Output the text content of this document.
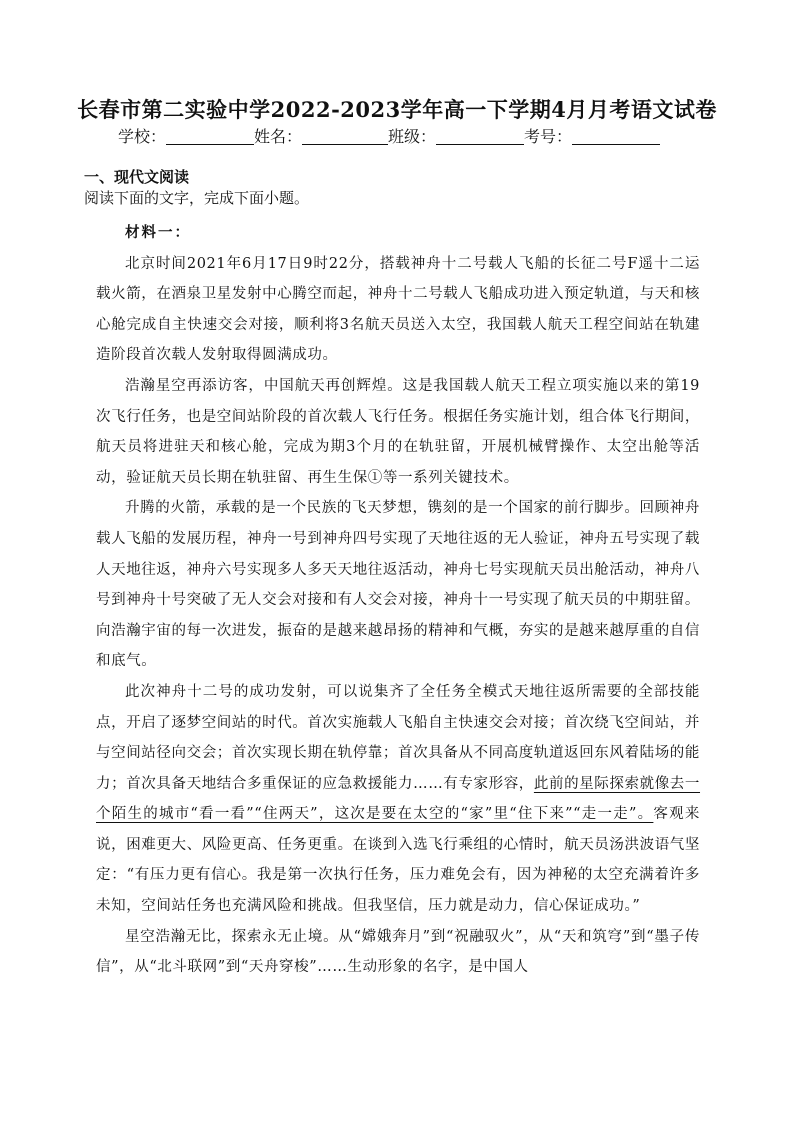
长春市第二实验中学2022-2023学年高一下学期4月月考语文试卷
学校：	姓名：	班级：	考号：
一、现代文阅读
阅读下面的文字，完成下面小题。

材料一：

北京时间2021年6月17日9时22分，搭载神舟十二号载人飞船的长征二号F遥十二运载火箭，在酒泉卫星发射中心腾空而起，神舟十二号载人飞船成功进入预定轨道，与天和核心舱完成自主快速交会对接，顺利将3名航天员送入太空，我国载人航天工程空间站在轨建造阶段首次载人发射取得圆满成功。

浩瀚星空再添访客，中国航天再创辉煌。这是我国载人航天工程立项实施以来的第19次飞行任务，也是空间站阶段的首次载人飞行任务。根据任务实施计划，组合体飞行期间，航天员将进驻天和核心舱，完成为期3个月的在轨驻留，开展机械臂操作、太空出舱等活动，验证航天员长期在轨驻留、再生生保①等一系列关键技术。

升腾的火箭，承载的是一个民族的飞天梦想，镌刻的是一个国家的前行脚步。回顾神舟载人飞船的发展历程，神舟一号到神舟四号实现了天地往返的无人验证，神舟五号实现了载人天地往返，神舟六号实现多人多天天地往返活动，神舟七号实现航天员出舱活动，神舟八号到神舟十号突破了无人交会对接和有人交会对接，神舟十一号实现了航天员的中期驻留。向浩瀚宇宙的每一次进发，振奋的是越来越昂扬的精神和气概，夯实的是越来越厚重的自信和底气。

此次神舟十二号的成功发射，可以说集齐了全任务全模式天地往返所需要的全部技能点，开启了逐梦空间站的时代。首次实施载人飞船自主快速交会对接；首次绕飞空间站，并与空间站径向交会；首次实现长期在轨停靠；首次具备从不同高度轨道返回东风着陆场的能力；首次具备天地结合多重保证的应急救援能力……有专家形容，此前的星际探索就像去一个陌生的城市“看一看”“住两天”，这次是要在太空的“家”里“住下来”“走一走”。客观来说，困难更大、风险更高、任务更重。在谈到入选飞行乘组的心情时，航天员汤洪波语气坚定：“有压力更有信心。我是第一次执行任务，压力难免会有，因为神秘的太空充满着许多未知，空间站任务也充满风险和挑战。但我坚信，压力就是动力，信心保证成功。”

星空浩瀚无比，探索永无止境。从“嫦娥奔月”到“祝融驭火”，从“天和筑穹”到“墨子传信”，从“北斗联网”到“天舟穿梭”……生动形象的名字，是中国人
